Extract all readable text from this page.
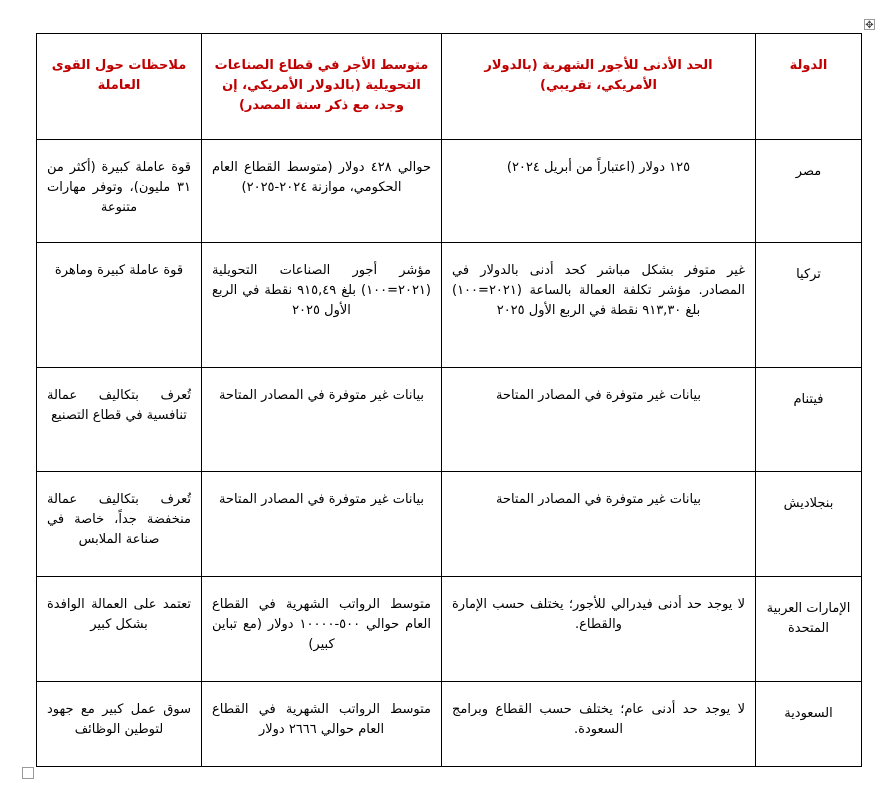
✥
الدولة	الحد الأدنى للأجور الشهرية (بالدولار الأمريكي، تقريبي)	متوسط الأجر في قطاع الصناعات التحويلية (بالدولار الأمريكي، إن وجد، مع ذكر سنة المصدر)	ملاحظات حول القوى العاملة

مصر	١٢٥ دولار (اعتباراً من أبريل ٢٠٢٤)	حوالي ٤٢٨ دولار (متوسط القطاع العام الحكومي، موازنة ٢٠٢٤-٢٠٢٥)	قوة عاملة كبيرة (أكثر من ٣١ مليون)، وتوفر مهارات متنوعة

تركيا	غير متوفر بشكل مباشر كحد أدنى بالدولار في المصادر. مؤشر تكلفة العمالة بالساعة (٢٠٢١=١٠٠) بلغ ٩١٣,٣٠ نقطة في الربع الأول ٢٠٢٥	مؤشر أجور الصناعات التحويلية (٢٠٢١=١٠٠) بلغ ٩١٥,٤٩ نقطة في الربع الأول ٢٠٢٥	قوة عاملة كبيرة وماهرة

فيتنام	بيانات غير متوفرة في المصادر المتاحة	بيانات غير متوفرة في المصادر المتاحة	تُعرف بتكاليف عمالة تنافسية في قطاع التصنيع

بنجلاديش	بيانات غير متوفرة في المصادر المتاحة	بيانات غير متوفرة في المصادر المتاحة	تُعرف بتكاليف عمالة منخفضة جداً، خاصة في صناعة الملابس

الإمارات العربية المتحدة	لا يوجد حد أدنى فيدرالي للأجور؛ يختلف حسب الإمارة والقطاع.	متوسط الرواتب الشهرية في القطاع العام حوالي ٥٠٠-١٠٠٠٠ دولار (مع تباين كبير)	تعتمد على العمالة الوافدة بشكل كبير

السعودية	لا يوجد حد أدنى عام؛ يختلف حسب القطاع وبرامج السعودة.	متوسط الرواتب الشهرية في القطاع العام حوالي ٢٦٦٦ دولار	سوق عمل كبير مع جهود لتوطين الوظائف
